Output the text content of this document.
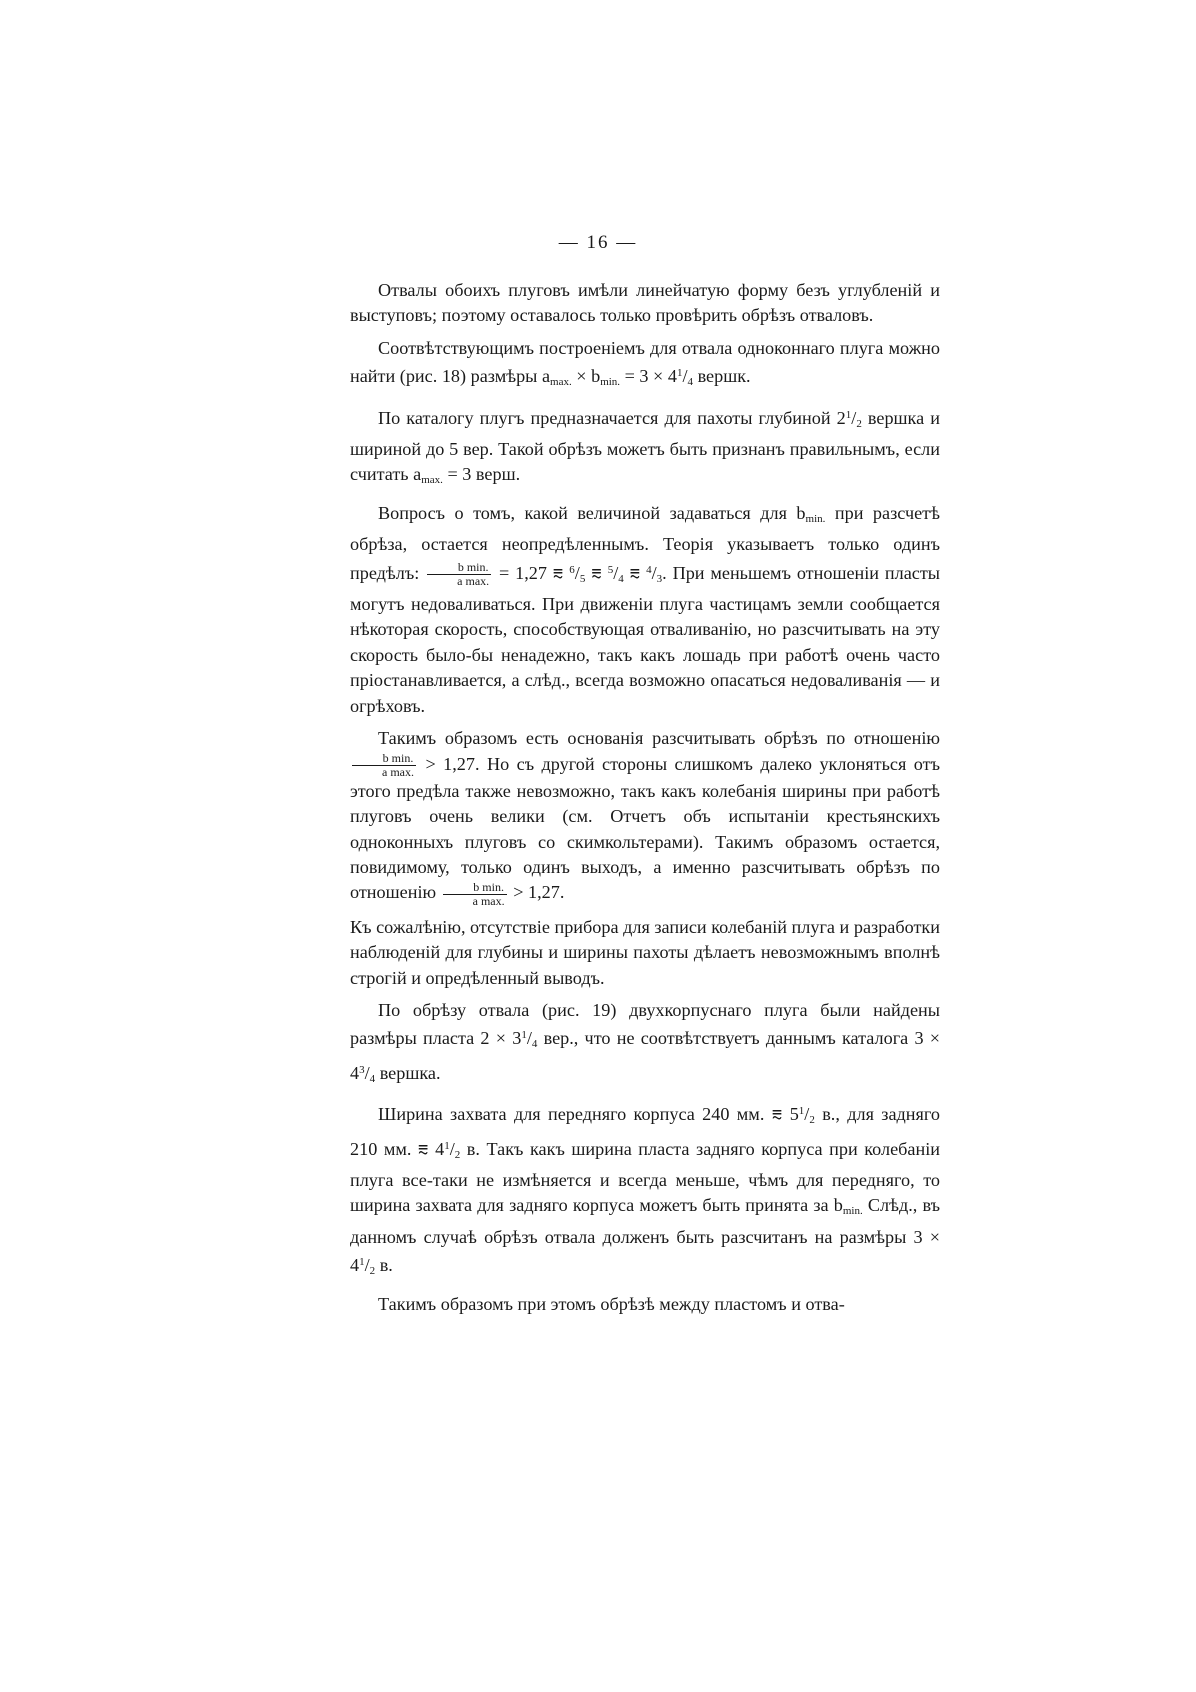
— 16 —

Отвалы обоихъ плуговъ имѣли линейчатую форму безъ углубленій и выступовъ; поэтому оставалось только провѣрить обрѣзъ отваловъ.

Соотвѣтствующимъ построеніемъ для отвала одноконнаго плуга можно найти (рис. 18) размѣры $a_{max.} \times b_{min.} = 3 \times 4^1/_4$ вершк.

По каталогу плугъ предназначается для пахоты глубиной $2^1/_2$ вершка и шириной до 5 вер. Такой обрѣзъ можетъ быть признанъ правильнымъ, если считать $a_{max.} = 3$ верш.

Вопросъ о томъ, какой величиной задаваться для $b_{min.}$ при разсчетѣ обрѣза, остается неопредѣленнымъ. Теорія указываетъ только одинъ предѣлъ: $\frac{\text{b min.}}{\text{a max.}} = 1,27$ ⩳ $^6/_5$ ⩳ $^5/_4$ ⩳ $^4/_3$. При меньшемъ отношеніи пласты могутъ недоваливаться. При движеніи плуга частицамъ земли сообщается нѣкоторая скорость, способствующая отваливанію, но разсчитывать на эту скорость было-бы ненадежно, такъ какъ лошадь при работѣ очень часто пріостанавливается, а слѣд., всегда возможно опасаться недоваливанія — и огрѣховъ.

Такимъ образомъ есть основанія разсчитывать обрѣзъ по отношенію
$\frac{\text{b min.}}{\text{a max.}} > 1,27$. Но съ другой стороны слишкомъ далеко уклоняться отъ этого предѣла также невозможно, такъ какъ колебанія ширины при работѣ плуговъ очень велики (см. Отчетъ объ испытаніи крестьянскихъ одноконныхъ плуговъ со скимкольтерами). Такимъ образомъ остается, повидимому, только одинъ выходъ, а именно разсчитывать обрѣзъ по отношенію $\frac{\text{b min.}}{\text{a max.}} > 1,27$.

Къ сожалѣнію, отсутствіе прибора для записи колебаній плуга и разработки наблюденій для глубины и ширины пахоты дѣлаетъ невозможнымъ вполнѣ строгій и опредѣленный выводъ.

По обрѣзу отвала (рис. 19) двухкорпуснаго плуга были найдены размѣры пласта $2 \times 3^1/_4$ вер., что не соотвѣтствуетъ даннымъ каталога $3 \times 4^3/_4$ вершка.

Ширина захвата для передняго корпуса 240 мм. ⩳ $5^1/_2$ в., для задняго 210 мм. ⩳ $4^1/_2$ в. Такъ какъ ширина пласта задняго корпуса при колебаніи плуга все-таки не измѣняется и всегда меньше, чѣмъ для передняго, то ширина захвата для задняго корпуса можетъ быть принята за $b_{min.}$ Слѣд., въ данномъ случаѣ обрѣзъ отвала долженъ быть разсчитанъ на размѣры $3 \times 4^1/_2$ в.

Такимъ образомъ при этомъ обрѣзѣ между пластомъ и отва-
